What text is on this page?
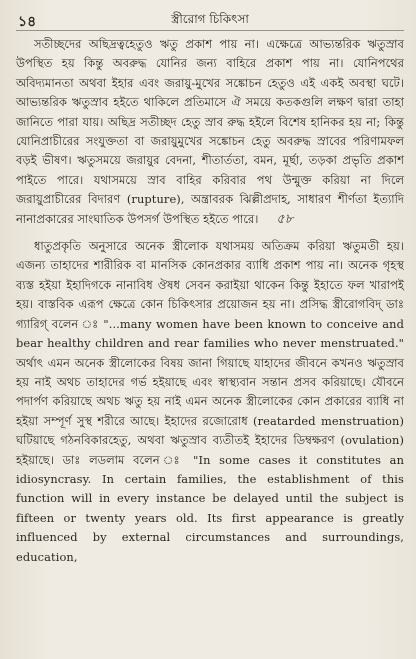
১৪	স্ত্রীরোগ চিকিৎসা

সতীচ্ছদের অছিদ্রত্বহেতুও ঋতু প্রকাশ পায় না। এক্ষেত্রে আভ্যন্তরিক ঋতুস্রাব উপস্থিত হয় কিন্তু অবরুদ্ধ যোনির জন্য বাহিরে প্রকাশ পায় না। যোনিপথের অবিদ্যমানতা অথবা ইহার এবং জরায়ু-মুখের সঙ্কোচন হেতুও এই একই অবস্থা ঘটে। আভ্যন্তরিক ঋতুস্রাব হইতে থাকিলে প্রতিমাসে ঐ সময়ে কতকগুলি লক্ষণ দ্বারা তাহা জানিতে পারা যায়। অছিদ্র সতীচ্ছদ হেতু স্রাব রুদ্ধ হইলে বিশেষ হানিকর হয় না; কিন্তু যোনিপ্রাচীরের সংযুক্ততা বা জরায়ুমুখের সঙ্কোচন হেতু অবরুদ্ধ স্রাবের পরিণামফল বড়ই ভীষণ। ঋতুসময়ে জরায়ুর বেদনা, শীতার্ততা, বমন, মূর্ছা, তড়কা প্রভৃতি প্রকাশ পাইতে পারে। যথাসময়ে স্রাব বাহির করিবার পথ উন্মুক্ত করিয়া না দিলে জরায়ুপ্রাচীরের বিদারণ (rupture), অন্ত্রাবরক ঝিল্লীপ্রদাহ, সাধারণ শীর্ণতা ইত্যাদি নানাপ্রকারের সাংঘাতিক উপসর্গ উপস্থিত হইতে পারে। ৫৮

ধাতুপ্রকৃতি অনুসারে অনেক স্ত্রীলোক যথাসময় অতিক্রম করিয়া ঋতুমতী হয়। এজন্য তাহাদের শারীরিক বা মানসিক কোনপ্রকার ব্যাধি প্রকাশ পায় না। অনেক গৃহস্থ ব্যস্ত হইয়া ইহাদিগকে নানাবিধ ঔষধ সেবন করাইয়া থাকেন কিন্তু ইহাতে ফল খারাপই হয়। বাস্তবিক এরূপ ক্ষেত্রে কোন চিকিৎসার প্রয়োজন হয় না। প্রসিদ্ধ স্ত্রীরোগবিদ্ ডাঃ গ্যারিগ্ বলেন ঃ "...many women have been known to conceive and bear healthy children and rear families who never menstruated." অর্থাৎ এমন অনেক স্ত্রীলোকের বিষয় জানা গিয়াছে যাহাদের জীবনে কখনও ঋতুস্রাব হয় নাই অথচ তাহাদের গর্ভ হইয়াছে এবং স্বাস্থ্যবান সন্তান প্রসব করিয়াছে। যৌবনে পদার্পণ করিয়াছে অথচ ঋতু হয় নাই এমন অনেক স্ত্রীলোকের কোন প্রকারের ব্যাধি না হইয়া সম্পূর্ণ সুস্থ শরীরে আছে। ইহাদের রজোরোধ (reatarded menstruation) ঘটিয়াছে গঠনবিকারহেতু, অথবা ঋতুস্রাব ব্যতীতই ইহাদের ডিম্বক্ষরণ (ovulation) হইয়াছে। ডাঃ লডলাম বলেন ঃ "In some cases it constitutes an idiosyncrasy. In certain families, the establishment of this function will in every instance be delayed until the subject is fifteen or twenty years old. Its first appearance is greatly influenced by external circumstances and surroundings, education,
